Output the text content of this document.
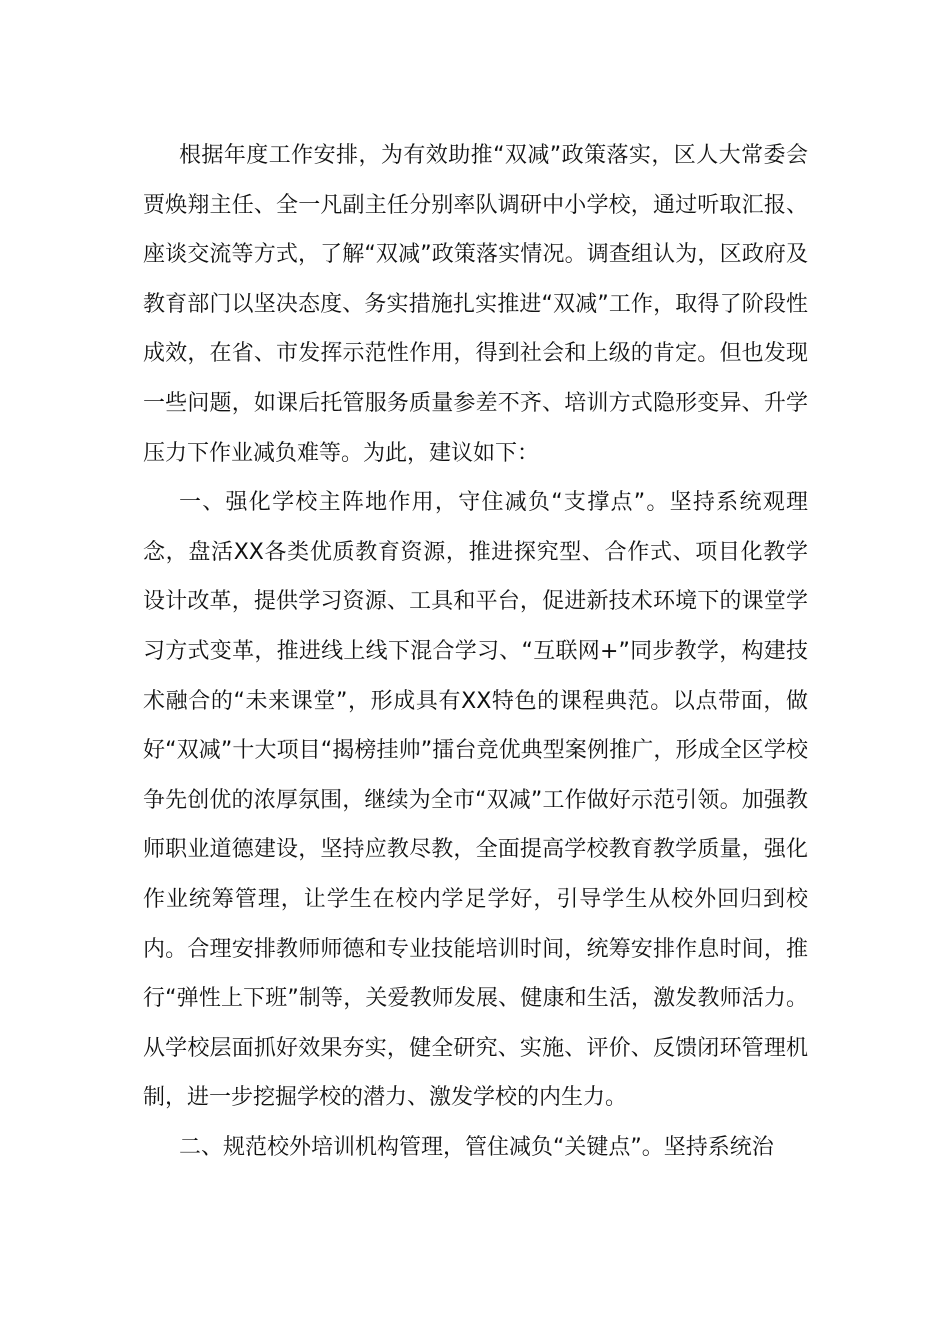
根据年度工作安排，为有效助推“双减”政策落实，区人大常委会贾焕翔主任、全一凡副主任分别率队调研中小学校，通过听取汇报、座谈交流等方式，了解“双减”政策落实情况。调查组认为，区政府及教育部门以坚决态度、务实措施扎实推进“双减”工作，取得了阶段性成效，在省、市发挥示范性作用，得到社会和上级的肯定。但也发现一些问题，如课后托管服务质量参差不齐、培训方式隐形变异、升学压力下作业减负难等。为此，建议如下：

一、强化学校主阵地作用，守住减负“支撑点”。坚持系统观理念，盘活XX各类优质教育资源，推进探究型、合作式、项目化教学设计改革，提供学习资源、工具和平台，促进新技术环境下的课堂学习方式变革，推进线上线下混合学习、“互联网+”同步教学，构建技术融合的“未来课堂”，形成具有XX特色的课程典范。以点带面，做好“双减”十大项目“揭榜挂帅”擂台竞优典型案例推广，形成全区学校争先创优的浓厚氛围，继续为全市“双减”工作做好示范引领。加强教师职业道德建设，坚持应教尽教，全面提高学校教育教学质量，强化作业统筹管理，让学生在校内学足学好，引导学生从校外回归到校内。合理安排教师师德和专业技能培训时间，统筹安排作息时间，推行“弹性上下班”制等，关爱教师发展、健康和生活，激发教师活力。从学校层面抓好效果夯实，健全研究、实施、评价、反馈闭环管理机制，进一步挖掘学校的潜力、激发学校的内生力。

二、规范校外培训机构管理，管住减负“关键点”。坚持系统治
